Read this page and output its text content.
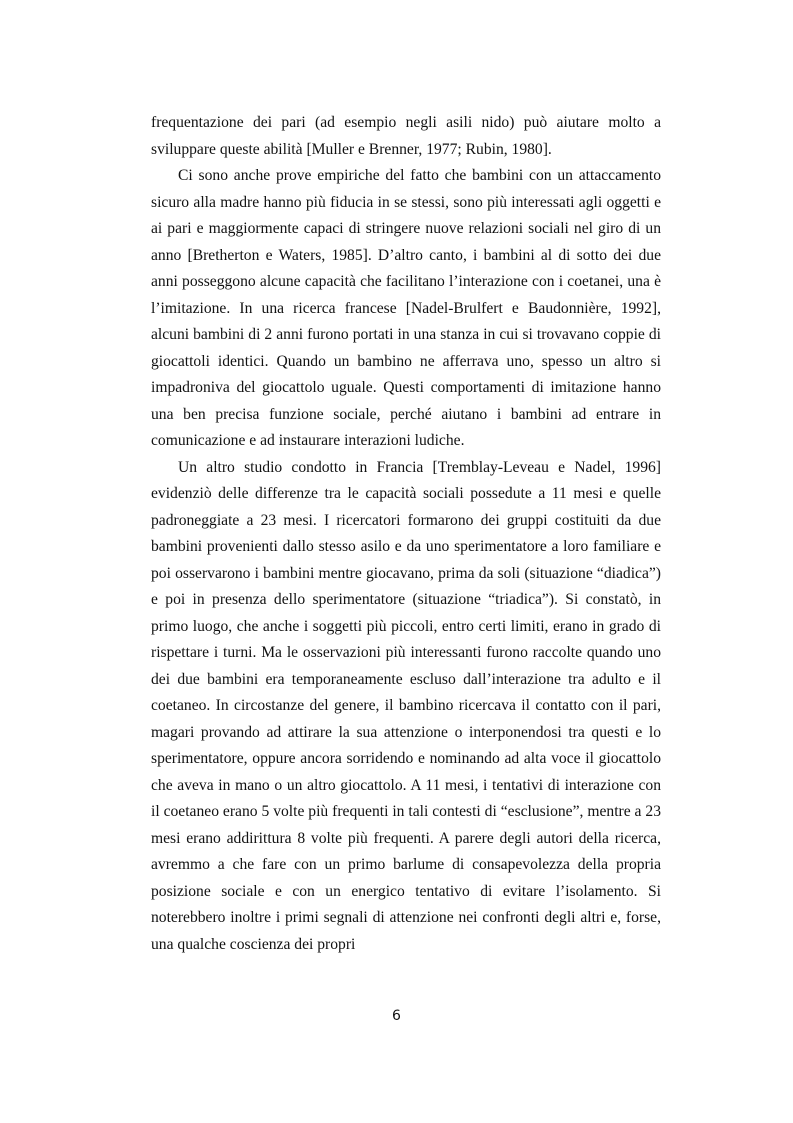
frequentazione dei pari (ad esempio negli asili nido) può aiutare molto a sviluppare queste abilità [Muller e Brenner, 1977; Rubin, 1980].

Ci sono anche prove empiriche del fatto che bambini con un attaccamento sicuro alla madre hanno più fiducia in se stessi, sono più interessati agli oggetti e ai pari e maggiormente capaci di stringere nuove relazioni sociali nel giro di un anno [Bretherton e Waters, 1985]. D’altro canto, i bambini al di sotto dei due anni posseggono alcune capacità che facilitano l’interazione con i coetanei, una è l’imitazione. In una ricerca francese [Nadel-Brulfert e Baudonnière, 1992], alcuni bambini di 2 anni furono portati in una stanza in cui si trovavano coppie di giocattoli identici. Quando un bambino ne afferrava uno, spesso un altro si impadroniva del giocattolo uguale. Questi comportamenti di imitazione hanno una ben precisa funzione sociale, perché aiutano i bambini ad entrare in comunicazione e ad instaurare interazioni ludiche.

Un altro studio condotto in Francia [Tremblay-Leveau e Nadel, 1996] evidenziò delle differenze tra le capacità sociali possedute a 11 mesi e quelle padroneggiate a 23 mesi. I ricercatori formarono dei gruppi costituiti da due bambini provenienti dallo stesso asilo e da uno sperimentatore a loro familiare e poi osservarono i bambini mentre giocavano, prima da soli (situazione “diadica”) e poi in presenza dello sperimentatore (situazione “triadica”). Si constatò, in primo luogo, che anche i soggetti più piccoli, entro certi limiti, erano in grado di rispettare i turni. Ma le osservazioni più interessanti furono raccolte quando uno dei due bambini era temporaneamente escluso dall’interazione tra adulto e il coetaneo. In circostanze del genere, il bambino ricercava il contatto con il pari, magari provando ad attirare la sua attenzione o interponendosi tra questi e lo sperimentatore, oppure ancora sorridendo e nominando ad alta voce il giocattolo che aveva in mano o un altro giocattolo. A 11 mesi, i tentativi di interazione con il coetaneo erano 5 volte più frequenti in tali contesti di “esclusione”, mentre a 23 mesi erano addirittura 8 volte più frequenti. A parere degli autori della ricerca, avremmo a che fare con un primo barlume di consapevolezza della propria posizione sociale e con un energico tentativo di evitare l’isolamento. Si noterebbero inoltre i primi segnali di attenzione nei confronti degli altri e, forse, una qualche coscienza dei propri

6
